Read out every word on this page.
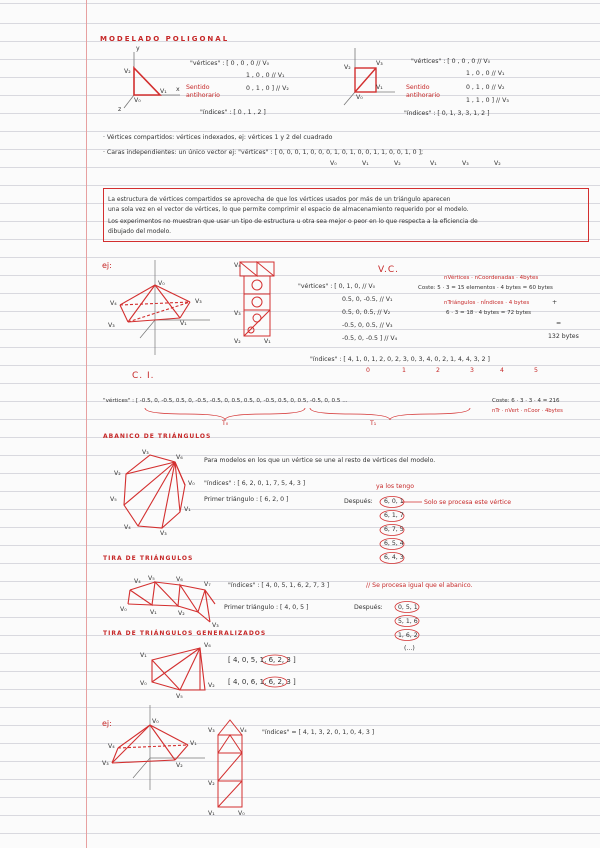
MODELADO POLIGONAL
V₂
V₀
V₁
y
x
z
"vértices" : [ 0 , 0 , 0 // V₀
1 , 0 , 0 // V₁
0 , 1 , 0 ] // V₂
Sentido
antihorario
"índices" : [ 0 , 1 , 2 ]
V₂
V₃
V₀
V₁
"vértices" : [ 0 , 0 , 0 // V₀
1 , 0 , 0 // V₁
0 , 1 , 0 // V₂
1 , 1 , 0 ] // V₃
Sentido
antihorario
"índices" : [ 0, 1, 3, 3, 1, 2 ]
· Vértices compartidos: vértices indexados, ej: vértices 1 y 2 del cuadrado
· Caras independientes: un único vector ej: "vértices" : [ 0, 0, 0, 1, 0, 0, 0, 1, 0, 1, 0, 0, 1, 1, 0, 0, 1, 0 ];
V₀	V₁	V₂	V₁	V₃	V₂
La estructura de vértices compartidos se aprovecha de que los vértices usados por más de un triángulo aparecen
una sola vez en el vector de vértices, lo que permite comprimir el espacio de almacenamiento requerido por el modelo.
Los experimentos no muestran que usar un tipo de estructura u otra sea mejor o peor en lo que respecta a la eficiencia de
dibujado del modelo.
ej:
V₀
V₄	V₃
V₃	V₁
V₄
V₃
V₂	V₁
V.C.
"vértices" : [ 0, 1, 0, // V₀
0.5, 0, -0.5, // V₁
0.5, 0, 0.5, // V₂
-0.5, 0, 0.5, // V₃
-0.5, 0, -0.5 ] // V₄
nVértices · nCoordenadas · 4bytes
Coste: 5 · 3 = 15 elementos · 4 bytes = 60 bytes
nTriángulos · nÍndices · 4 bytes	+
6 · 3 = 18 · 4 bytes = 72 bytes
=
132 bytes
"índices" : [ 4, 1, 0, 1, 2, 0, 2, 3, 0, 3, 4, 0, 2, 1, 4, 4, 3, 2 ]
0	1	2	3	4	5
C. I.
"vértices" : [ -0.5, 0, -0.5, 0.5, 0, -0.5, -0.5, 0, 0.5, 0.5, 0, -0.5, 0.5, 0, 0.5, -0.5, 0, 0.5 ...
T₀	T₁
Coste: 6 · 3 · 3 · 4 = 216
nTr · nVert · nCoor · 4bytes
ABANICO DE TRIÁNGULOS
V₆
V₃
V₂
V₅
V₄
V₃
V₁
V₀
Para modelos en los que un vértice se une al resto de vértices del modelo.
"índices" : [ 6, 2, 0, 1, 7, 5, 4, 3 ]
Primer triángulo : [ 6, 2, 0 ]	Después:
ya los tengo
Solo se procesa este vértice
6, 0, 1
6, 1, 7
6, 7, 5
6, 5, 4
6, 4, 3
TIRA DE TRIÁNGULOS
V₄ V₅	V₆
V₇
V₀	V₁	V₂
V₃
"índices" : [ 4, 0, 5, 1, 6, 2, 7, 3 ]	// Se procesa igual que el abanico.
Primer triángulo : [ 4, 0, 5 ]	Después: 0, 5, 1
5, 1, 6
1, 6, 2
(...)
TIRA DE TRIÁNGULOS GENERALIZADOS
V₁
V₆
V₀	V₂
V₅
[ 4, 0, 5, 1, 6, 2, 3 ]
[ 4, 0, 6, 1, 6, 2, 3 ]
ej:	V₀
V₄
V₃
V₁
V₂
V₃	V₄
V₂
V₁	V₀
"índices" = [ 4, 1, 3, 2, 0, 1, 0, 4, 3 ]
